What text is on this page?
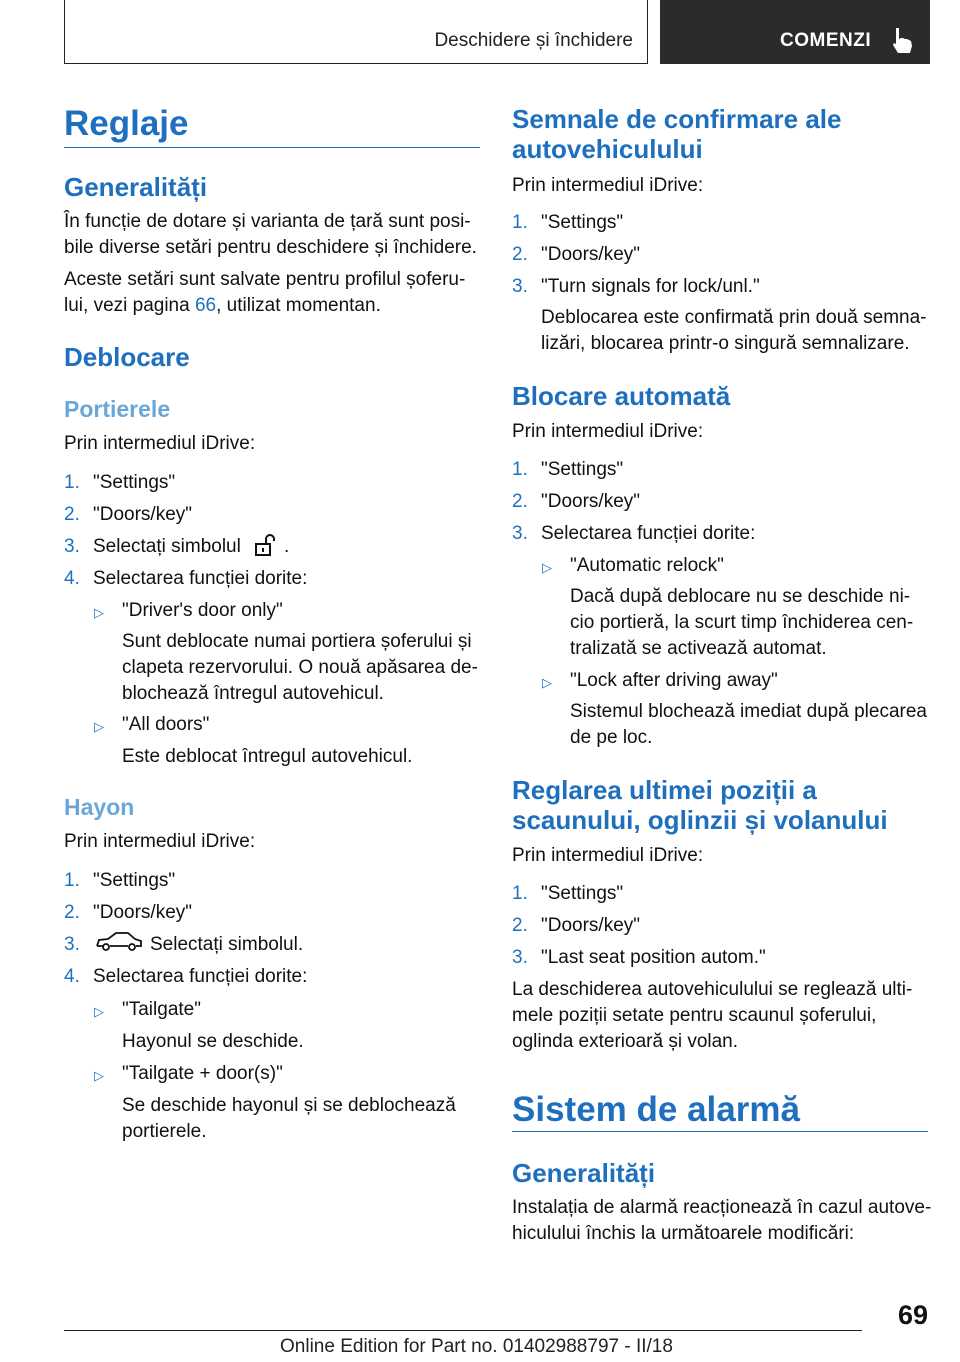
Deschidere și închidere	COMENZI
Reglaje
Generalități

În funcție de dotare și varianta de țară sunt posi-

bile diverse setări pentru deschidere și închidere.

Aceste setări sunt salvate pentru profilul șoferu-

lui, vezi pagina 66, utilizat momentan.

Deblocare
Portierele

Prin intermediul iDrive:

1. "Settings"
2. "Doors/key"
3. Selectați simbolul .
4. Selectarea funcției dorite:
▷ "Driver's door only"
Sunt deblocate numai portiera șoferului și
clapeta rezervorului. O nouă apăsarea de-
blochează întregul autovehicul.
▷ "All doors"
Este deblocat întregul autovehicul.
Hayon

Prin intermediul iDrive:

1. "Settings"
2. "Doors/key"
3.	Selectați simbolul.
4. Selectarea funcției dorite:
▷ "Tailgate"
Hayonul se deschide.
▷ "Tailgate + door(s)"
Se deschide hayonul și se deblochează
portierele.
Semnale de confirmare ale
autovehiculului

Prin intermediul iDrive:

1. "Settings"
2. "Doors/key"
3. "Turn signals for lock/unl."
Deblocarea este confirmată prin două semna-
lizări, blocarea printr-o singură semnalizare.
Blocare automată

Prin intermediul iDrive:

1. "Settings"
2. "Doors/key"
3. Selectarea funcției dorite:
▷ "Automatic relock"
Dacă după deblocare nu se deschide ni-
cio portieră, la scurt timp închiderea cen-
tralizată se activează automat.
▷ "Lock after driving away"
Sistemul blochează imediat după plecarea
de pe loc.
Reglarea ultimei poziții a
scaunului, oglinzii și volanului

Prin intermediul iDrive:

1. "Settings"
2. "Doors/key"
3. "Last seat position autom."

La deschiderea autovehiculului se reglează ulti-

mele poziții setate pentru scaunul șoferului,

oglinda exterioară și volan.

Sistem de alarmă
Generalități

Instalația de alarmă reacționează în cazul autove-

hiculului închis la următoarele modificări:

69
Online Edition for Part no. 01402988797 - II/18
